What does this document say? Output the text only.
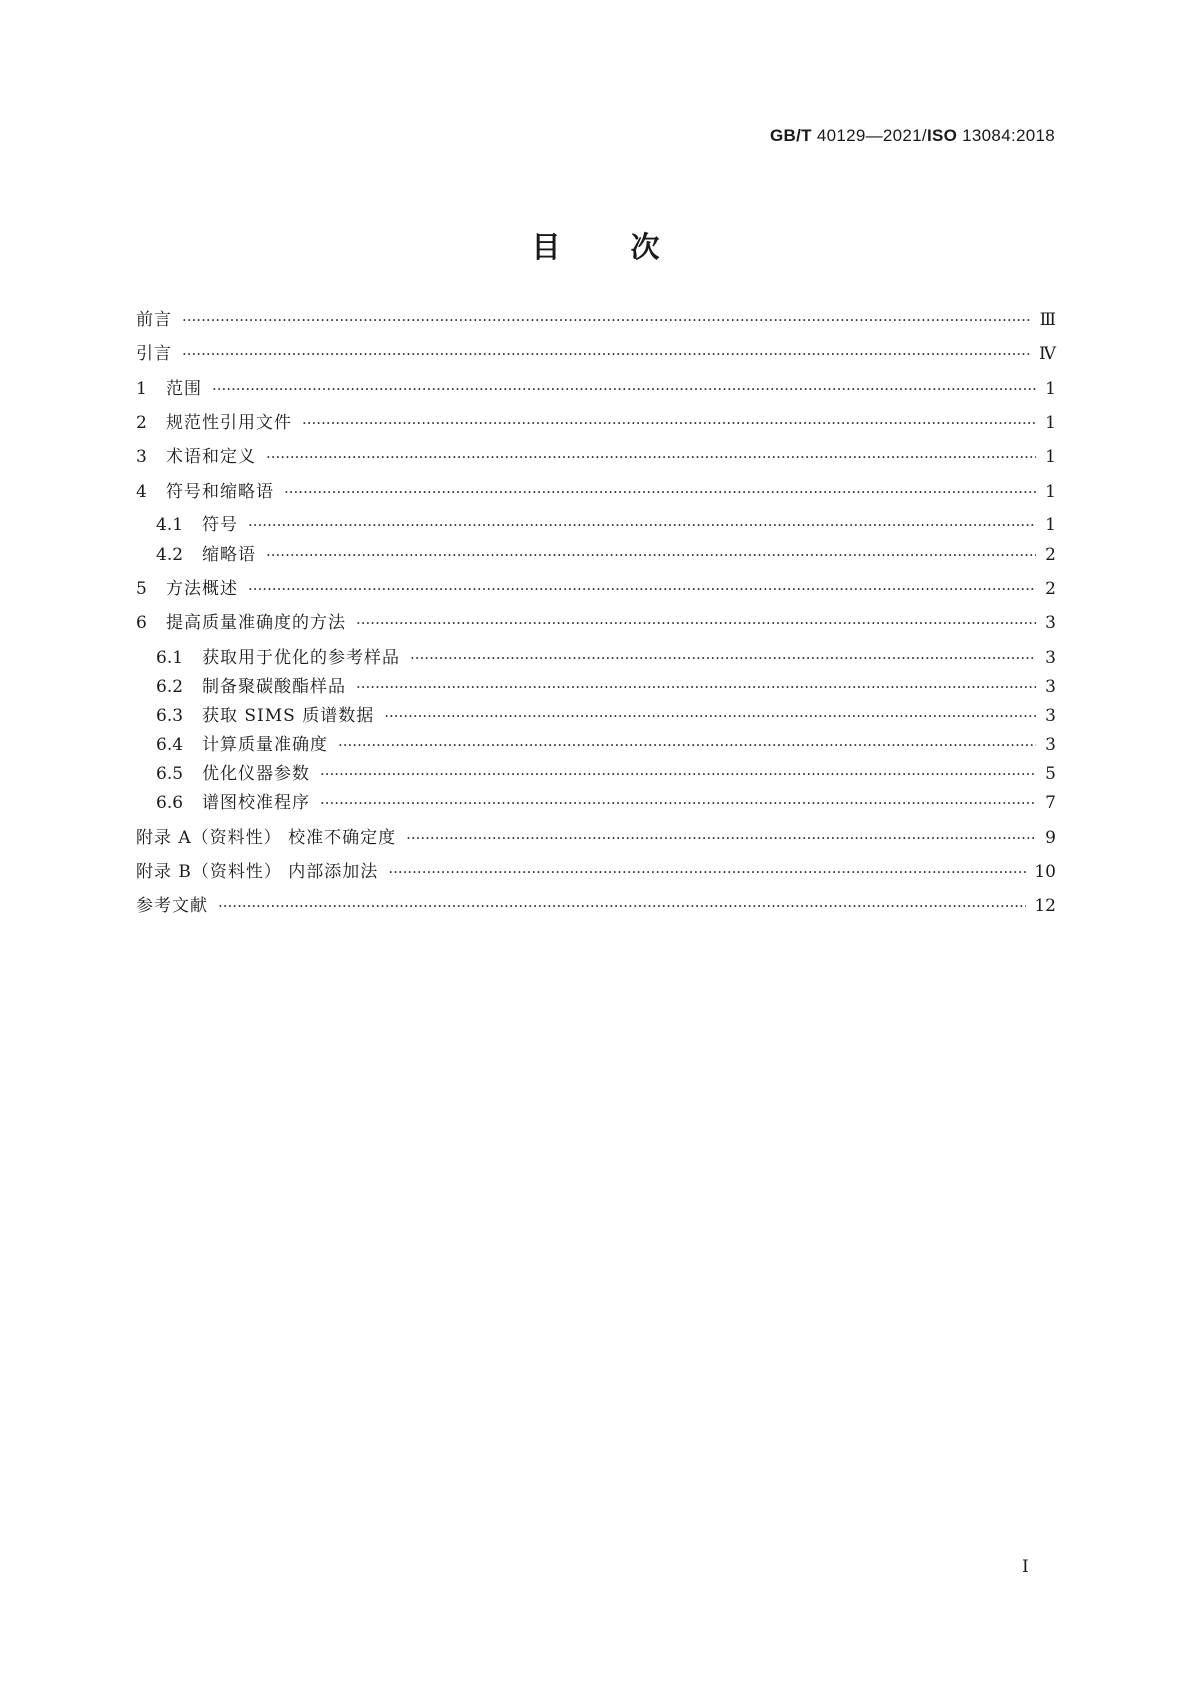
GB/T 40129—2021/ISO 13084:2018
目 次
前言 ·····	Ⅲ
引言 ·····	Ⅳ
1	范围 ·····	1
2	规范性引用文件 ·····	1
3	术语和定义 ·····	1
4	符号和缩略语 ·····	1
4.1	符号 ·····	1
4.2	缩略语 ·····	2
5	方法概述 ·····	2
6	提高质量准确度的方法 ·····	3
6.1	获取用于优化的参考样品 ·····	3
6.2	制备聚碳酸酯样品 ·····	3
6.3	获取 SIMS 质谱数据 ·····	3
6.4	计算质量准确度 ·····	3
6.5	优化仪器参数 ·····	5
6.6	谱图校准程序 ·····	7
附录 A（资料性） 校准不确定度 ·····	9
附录 B（资料性） 内部添加法 ·····	10
参考文献 ·····	12
I
